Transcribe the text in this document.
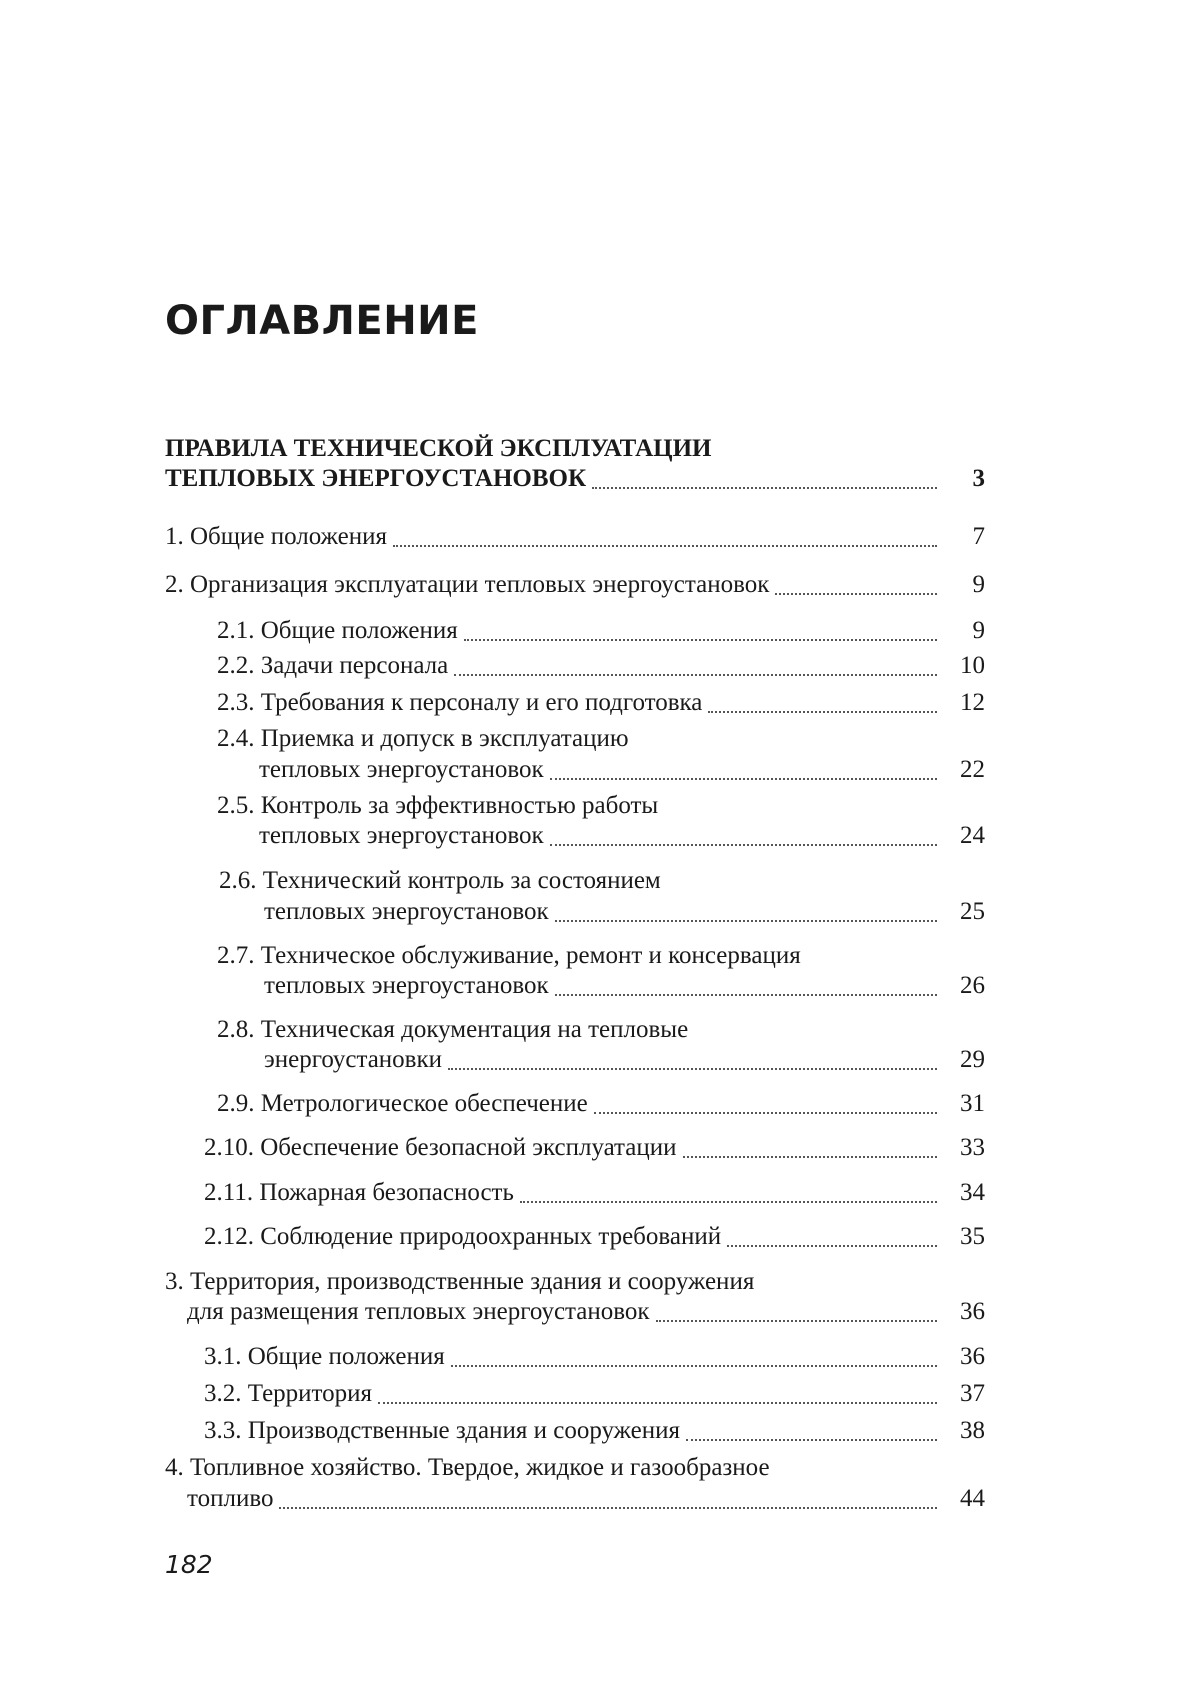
ОГЛАВЛЕНИЕ
ПРАВИЛА ТЕХНИЧЕСКОЙ ЭКСПЛУАТАЦИИ
ТЕПЛОВЫХ ЭНЕРГОУСТАНОВОК	3
1. Общие положения	7
2. Организация эксплуатации тепловых энергоустановок	9
2.1. Общие положения	9
2.2. Задачи персонала	10
2.3. Требования к персоналу и его подготовка	12
2.4. Приемка и допуск в эксплуатацию
тепловых энергоустановок	22
2.5. Контроль за эффективностью работы
тепловых энергоустановок	24
2.6. Технический контроль за состоянием
тепловых энергоустановок	25
2.7. Техническое обслуживание, ремонт и консервация
тепловых энергоустановок	26
2.8. Техническая документация на тепловые
энергоустановки	29
2.9. Метрологическое обеспечение	31
2.10. Обеспечение безопасной эксплуатации	33
2.11. Пожарная безопасность	34
2.12. Соблюдение природоохранных требований	35
3. Территория, производственные здания и сооружения
для размещения тепловых энергоустановок	36
3.1. Общие положения	36
3.2. Территория	37
3.3. Производственные здания и сооружения	38
4. Топливное хозяйство. Твердое, жидкое и газообразное
топливо	44
182
